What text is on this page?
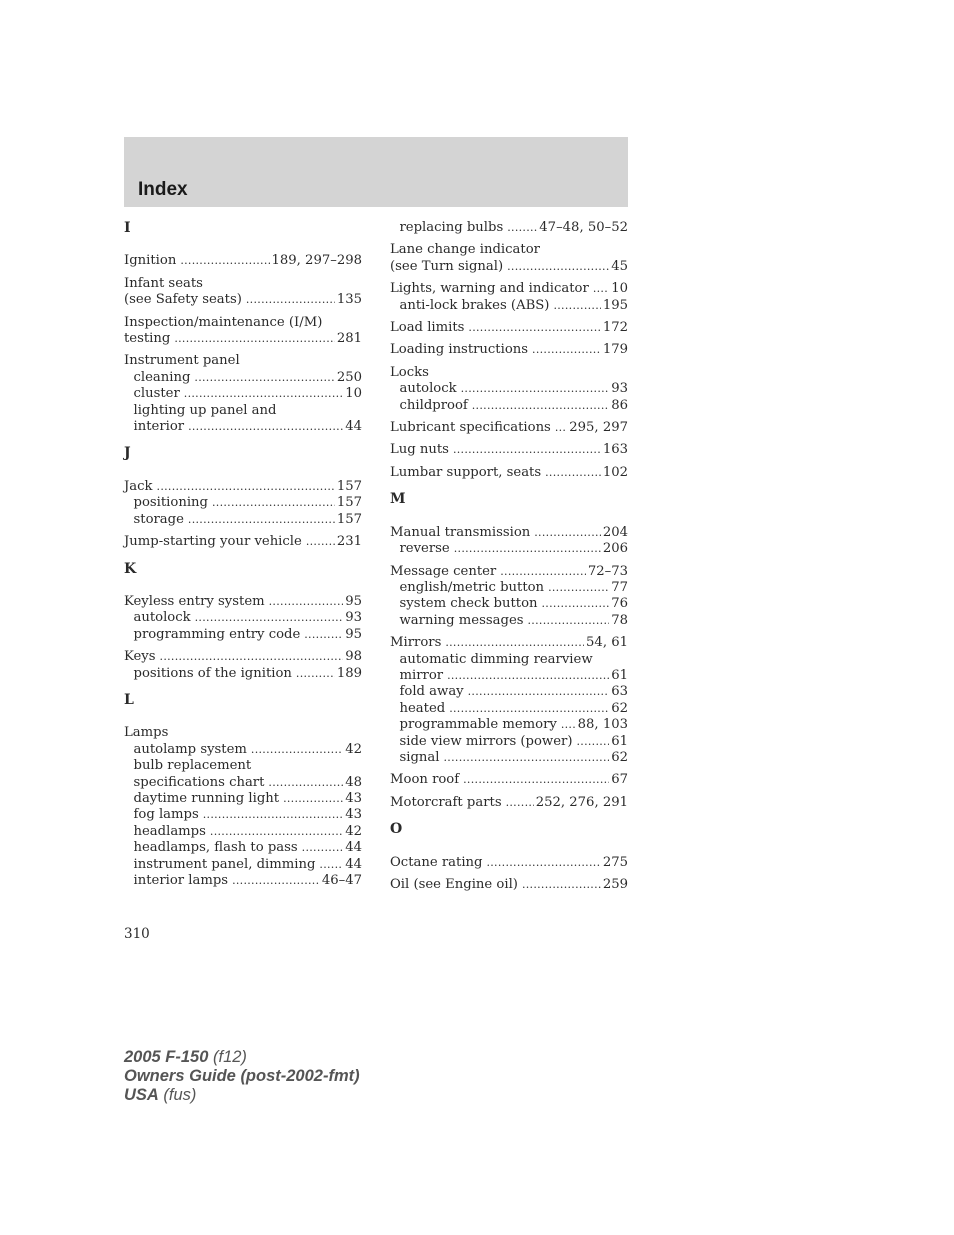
Index
I
Ignition .....	189, 297–298
Infant seats
(see Safety seats) .....	135
Inspection/maintenance (I/M)
testing .....	281
Instrument panel
cleaning .....	250
cluster .....	10
lighting up panel and
interior .....	44
J
Jack .....	157
positioning .....	157
storage .....	157
Jump-starting your vehicle .....	231
K
Keyless entry system .....	95
autolock .....	93
programming entry code .....	95
Keys .....	98
positions of the ignition .....	189
L
Lamps
autolamp system .....	42
bulb replacement
specifications chart .....	48
daytime running light .....	43
fog lamps .....	43
headlamps .....	42
headlamps, flash to pass .....	44
instrument panel, dimming ..... 44
interior lamps .....	46–47
replacing bulbs .....	47–48, 50–52
Lane change indicator
(see Turn signal) .....	45
Lights, warning and indicator ..... 10
anti-lock brakes (ABS) .....	195
Load limits .....	172
Loading instructions .....	179
Locks
autolock .....	93
childproof .....	86
Lubricant specifications ..... 295, 297
Lug nuts .....	163
Lumbar support, seats .....	102
M
Manual transmission .....	204
reverse .....	206
Message center .....	72–73
english/metric button .....	77
system check button .....	76
warning messages .....	78
Mirrors .....	54, 61
automatic dimming rearview
mirror .....	61
fold away .....	63
heated .....	62
programmable memory ..... 88, 103
side view mirrors (power) .....	61
signal .....	62
Moon roof .....	67
Motorcraft parts .....	252, 276, 291
O
Octane rating .....	275
Oil (see Engine oil) .....	259
310
2005 F-150 (f12)
Owners Guide (post-2002-fmt)
USA (fus)
